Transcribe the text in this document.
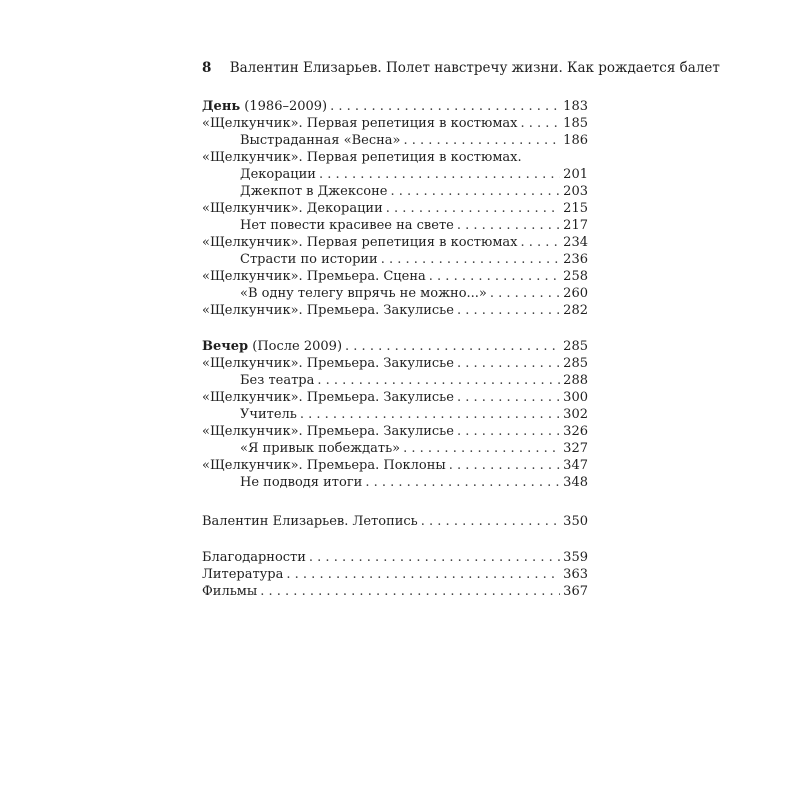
8 Валентин Елизарьев. Полет навстречу жизни. Как рождается балет
День (1986–2009) . . .	183
«Щелкунчик». Первая репетиция в костюмах . . .	185
Выстраданная «Весна» . . .	186
«Щелкунчик». Первая репетиция в костюмах.
Декорации . . .	201
Джекпот в Джексоне . . .	203
«Щелкунчик». Декорации . . .	215
Нет повести красивее на свете . . .	217
«Щелкунчик». Первая репетиция в костюмах . . .	234
Страсти по истории . . .	236
«Щелкунчик». Премьера. Сцена . . .	258
«В одну телегу впрячь не можно...» . . .	260
«Щелкунчик». Премьера. Закулисье . . .	282
Вечер (После 2009) . . .	285
«Щелкунчик». Премьера. Закулисье . . .	285
Без театра . . .	288
«Щелкунчик». Премьера. Закулисье . . .	300
Учитель . . .	302
«Щелкунчик». Премьера. Закулисье . . .	326
«Я привык побеждать» . . .	327
«Щелкунчик». Премьера. Поклоны . . .	347
Не подводя итоги . . .	348
Валентин Елизарьев. Летопись . . .	350
Благодарности . . .	359
Литература . . .	363
Фильмы . . .	367
